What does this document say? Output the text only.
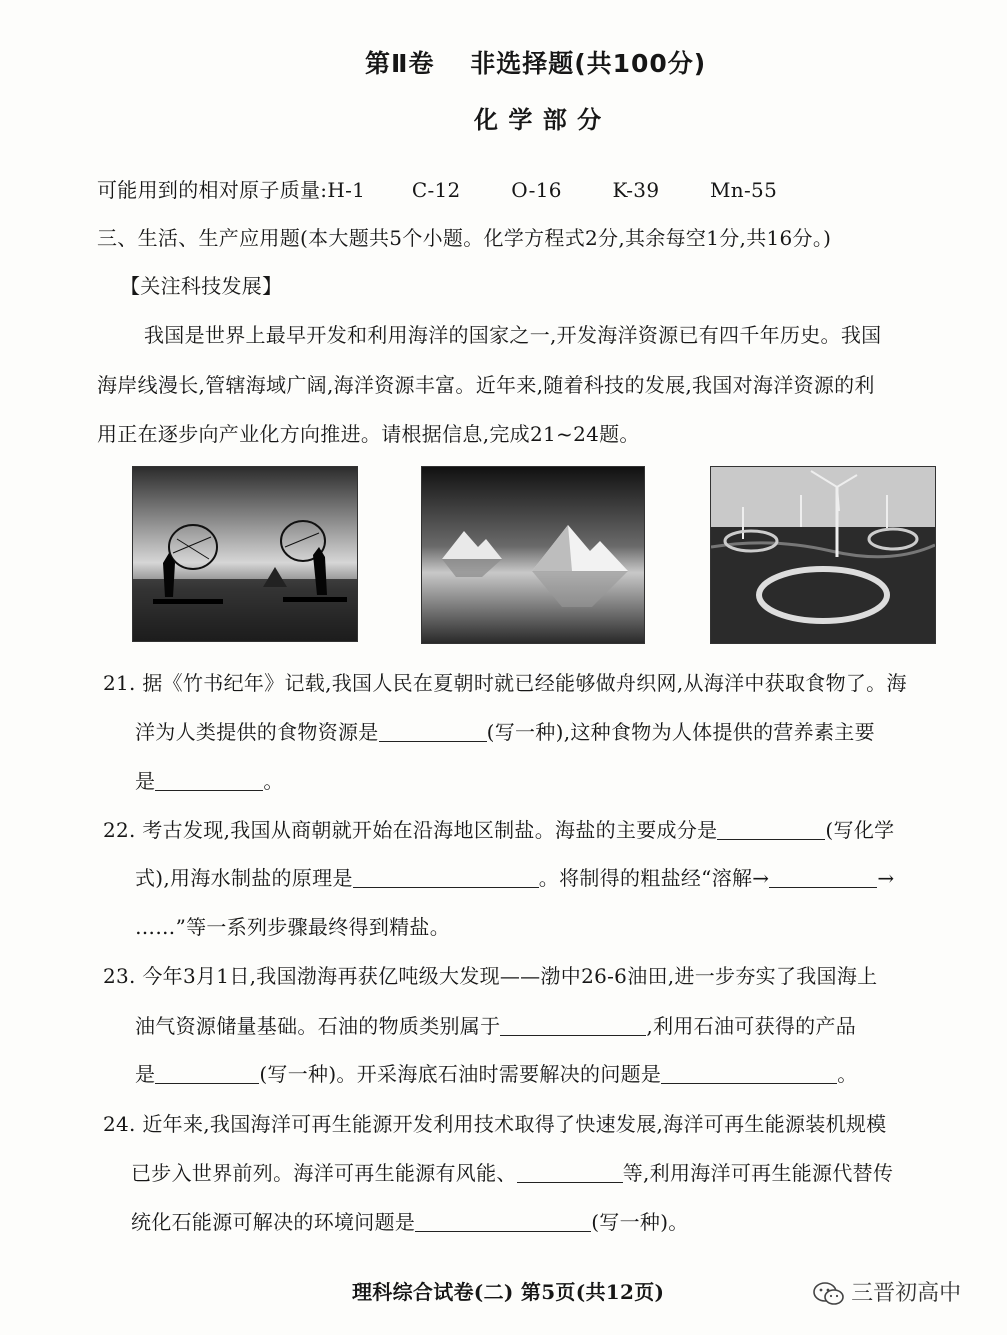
第Ⅱ卷 非选择题(共100分)
化 学 部 分
可能用到的相对原子质量:H-1 C-12	O-16	K-39	Mn-55
三、生活、生产应用题(本大题共5个小题。化学方程式2分,其余每空1分,共16分。)
【关注科技发展】
我国是世界上最早开发和利用海洋的国家之一,开发海洋资源已有四千年历史。我国
海岸线漫长,管辖海域广阔,海洋资源丰富。近年来,随着科技的发展,我国对海洋资源的利
用正在逐步向产业化方向推进。请根据信息,完成21~24题。
21. 据《竹书纪年》记载,我国人民在夏朝时就已经能够做舟织网,从海洋中获取食物了。海
洋为人类提供的食物资源是	(写一种),这种食物为人体提供的营养素主要
是	。
22. 考古发现,我国从商朝就开始在沿海地区制盐。海盐的主要成分是	(写化学
式),用海水制盐的原理是	。将制得的粗盐经“溶解→	→
……”等一系列步骤最终得到精盐。
23. 今年3月1日,我国渤海再获亿吨级大发现——渤中26-6油田,进一步夯实了我国海上
油气资源储量基础。石油的物质类别属于	,利用石油可获得的产品
是	(写一种)。开采海底石油时需要解决的问题是	。
24. 近年来,我国海洋可再生能源开发利用技术取得了快速发展,海洋可再生能源装机规模
已步入世界前列。海洋可再生能源有风能、	等,利用海洋可再生能源代替传
统化石能源可解决的环境问题是	(写一种)。
理科综合试卷(二) 第5页(共12页)	三晋初高中
